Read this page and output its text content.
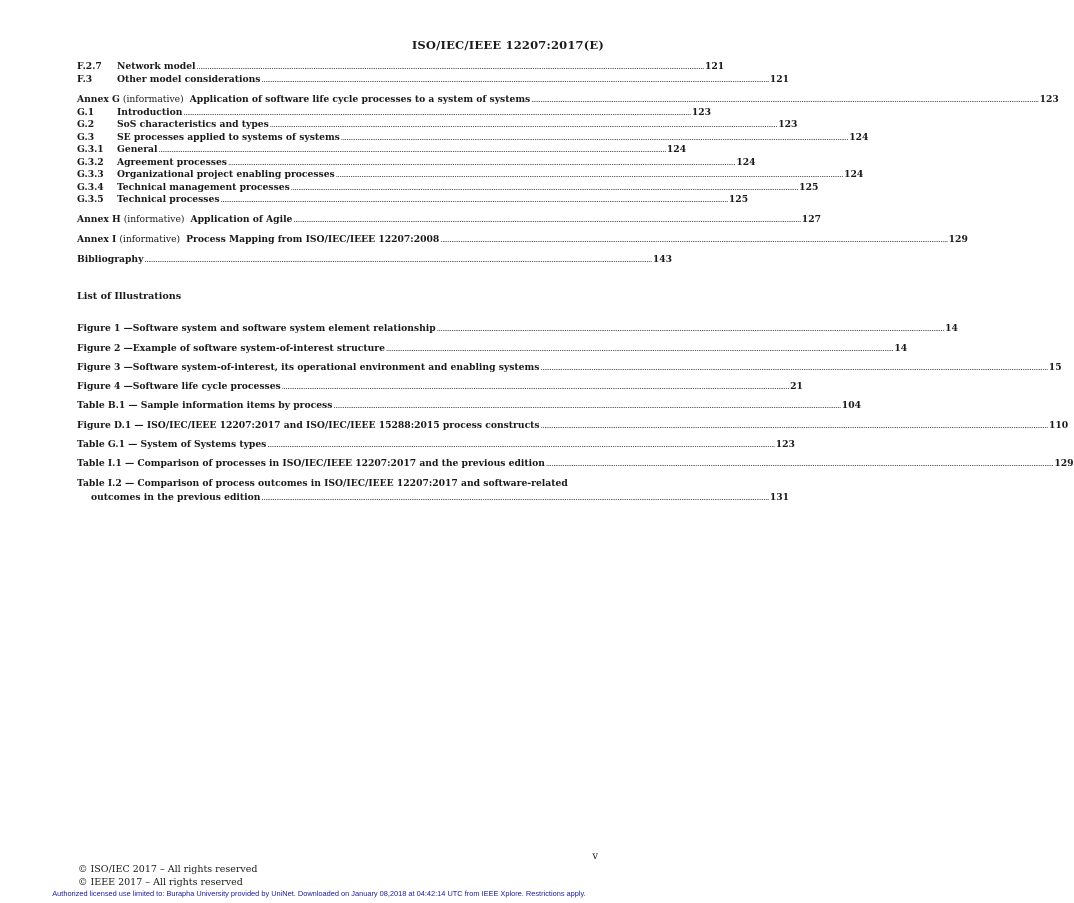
ISO/IEC/IEEE 12207:2017(E)
F.2.7	Network model ...................................................................................................................................................................................................................................................................................... 121
F.3	Other model considerations ...................................................................................................................................................................................................................................................................................... 121
Annex G (informative) Application of software life cycle processes to a system of systems ...................................................................................................................................................................................................................................................................................... 123
G.1	Introduction ...................................................................................................................................................................................................................................................................................... 123
G.2	SoS characteristics and types ...................................................................................................................................................................................................................................................................................... 123
G.3	SE processes applied to systems of systems ...................................................................................................................................................................................................................................................................................... 124
G.3.1	General ...................................................................................................................................................................................................................................................................................... 124
G.3.2	Agreement processes ...................................................................................................................................................................................................................................................................................... 124
G.3.3	Organizational project enabling processes ...................................................................................................................................................................................................................................................................................... 124
G.3.4	Technical management processes ...................................................................................................................................................................................................................................................................................... 125
G.3.5	Technical processes ...................................................................................................................................................................................................................................................................................... 125
Annex H (informative) Application of Agile ...................................................................................................................................................................................................................................................................................... 127
Annex I (informative) Process Mapping from ISO/IEC/IEEE 12207:2008 ...................................................................................................................................................................................................................................................................................... 129
Bibliography ...................................................................................................................................................................................................................................................................................... 143
List of Illustrations
Figure 1 —Software system and software system element relationship ...................................................................................................................................................................................................................................................................................... 14
Figure 2 —Example of software system-of-interest structure ...................................................................................................................................................................................................................................................................................... 14
Figure 3 —Software system-of-interest, its operational environment and enabling systems ...................................................................................................................................................................................................................................................................................... 15
Figure 4 —Software life cycle processes ...................................................................................................................................................................................................................................................................................... 21
Table B.1 — Sample information items by process ...................................................................................................................................................................................................................................................................................... 104
Figure D.1 — ISO/IEC/IEEE 12207:2017 and ISO/IEC/IEEE 15288:2015 process constructs ...................................................................................................................................................................................................................................................................................... 110
Table G.1 — System of Systems types ...................................................................................................................................................................................................................................................................................... 123
Table I.1 — Comparison of processes in ISO/IEC/IEEE 12207:2017 and the previous edition ...................................................................................................................................................................................................................................................................................... 129
Table I.2 — Comparison of process outcomes in ISO/IEC/IEEE 12207:2017 and software-related
outcomes in the previous edition ...................................................................................................................................................................................................................................................................................... 131
v
© ISO/IEC 2017 – All rights reserved
© IEEE 2017 – All rights reserved
Authorized licensed use limited to: Burapha University provided by UniNet. Downloaded on January 08,2018 at 04:42:14 UTC from IEEE Xplore. Restrictions apply.
